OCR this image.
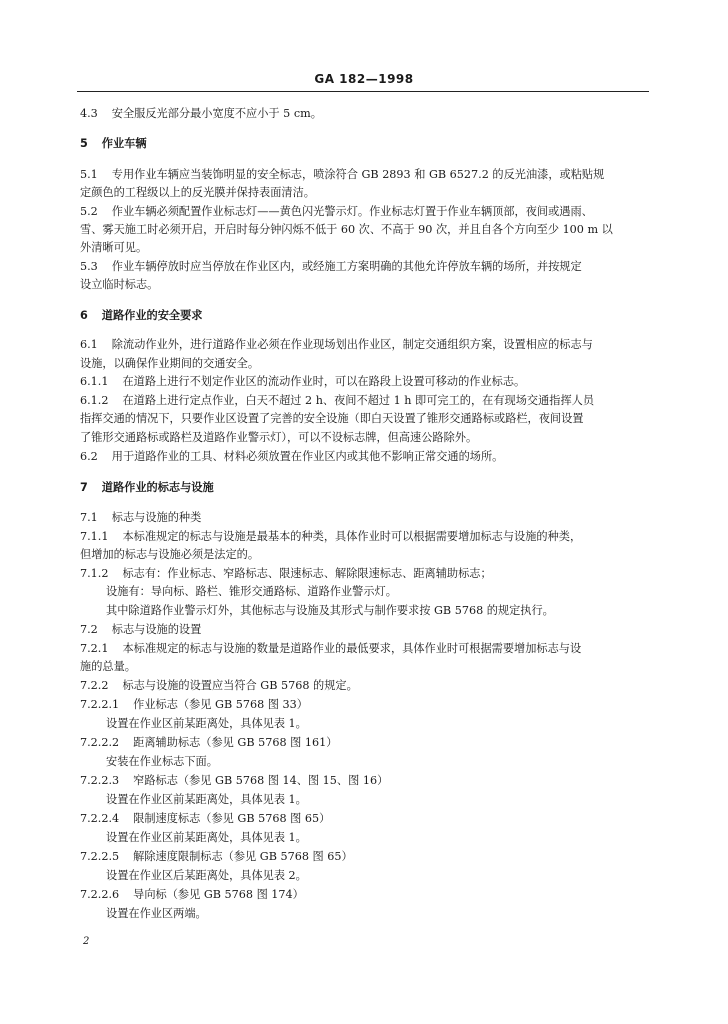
GA 182—1998
4.3 安全服反光部分最小宽度不应小于 5 cm。
5 作业车辆
5.1 专用作业车辆应当装饰明显的安全标志，喷涂符合 GB 2893 和 GB 6527.2 的反光油漆，或粘贴规
定颜色的工程级以上的反光膜并保持表面清洁。
5.2 作业车辆必须配置作业标志灯——黄色闪光警示灯。作业标志灯置于作业车辆顶部，夜间或遇雨、
雪、雾天施工时必须开启，开启时每分钟闪烁不低于 60 次、不高于 90 次，并且自各个方向至少 100 m 以
外清晰可见。
5.3 作业车辆停放时应当停放在作业区内，或经施工方案明确的其他允许停放车辆的场所，并按规定
设立临时标志。
6 道路作业的安全要求
6.1 除流动作业外，进行道路作业必须在作业现场划出作业区，制定交通组织方案，设置相应的标志与
设施，以确保作业期间的交通安全。
6.1.1 在道路上进行不划定作业区的流动作业时，可以在路段上设置可移动的作业标志。
6.1.2 在道路上进行定点作业，白天不超过 2 h、夜间不超过 1 h 即可完工的，在有现场交通指挥人员
指挥交通的情况下，只要作业区设置了完善的安全设施（即白天设置了锥形交通路标或路栏，夜间设置
了锥形交通路标或路栏及道路作业警示灯），可以不设标志牌，但高速公路除外。
6.2 用于道路作业的工具、材料必须放置在作业区内或其他不影响正常交通的场所。
7 道路作业的标志与设施
7.1 标志与设施的种类
7.1.1 本标准规定的标志与设施是最基本的种类，具体作业时可以根据需要增加标志与设施的种类，
但增加的标志与设施必须是法定的。
7.1.2 标志有：作业标志、窄路标志、限速标志、解除限速标志、距离辅助标志；
设施有：导向标、路栏、锥形交通路标、道路作业警示灯。
其中除道路作业警示灯外，其他标志与设施及其形式与制作要求按 GB 5768 的规定执行。
7.2 标志与设施的设置
7.2.1 本标准规定的标志与设施的数量是道路作业的最低要求，具体作业时可根据需要增加标志与设
施的总量。
7.2.2 标志与设施的设置应当符合 GB 5768 的规定。
7.2.2.1 作业标志（参见 GB 5768 图 33）
设置在作业区前某距离处，具体见表 1。
7.2.2.2 距离辅助标志（参见 GB 5768 图 161）
安装在作业标志下面。
7.2.2.3 窄路标志（参见 GB 5768 图 14、图 15、图 16）
设置在作业区前某距离处，具体见表 1。
7.2.2.4 限制速度标志（参见 GB 5768 图 65）
设置在作业区前某距离处，具体见表 1。
7.2.2.5 解除速度限制标志（参见 GB 5768 图 65）
设置在作业区后某距离处，具体见表 2。
7.2.2.6 导向标（参见 GB 5768 图 174）
设置在作业区两端。
2
